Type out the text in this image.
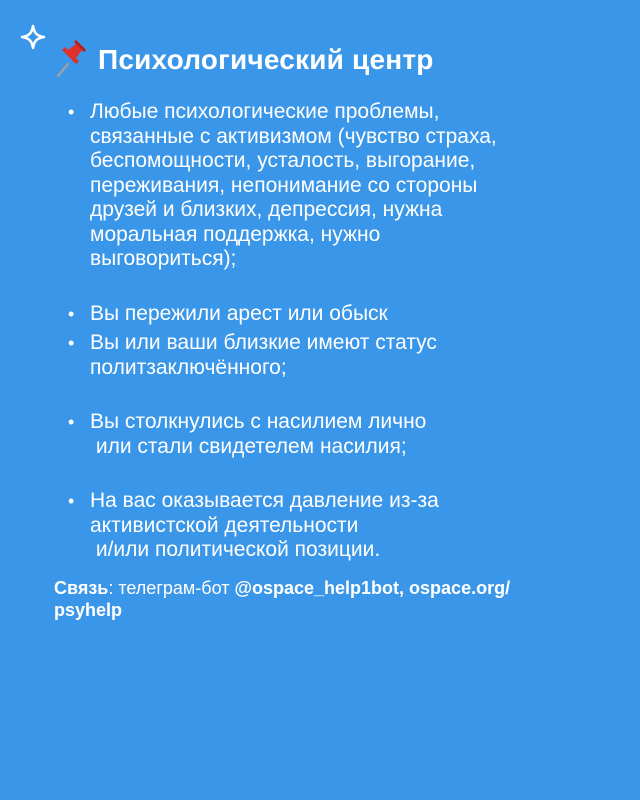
Психологический центр
• Любые психологические проблемы,
связанные с активизмом (чувство страха,
беспомощности, усталость, выгорание,
переживания, непонимание со стороны
друзей и близких, депрессия, нужна
моральная поддержка, нужно
выговориться);
• Вы пережили арест или обыск
• Вы или ваши близкие имеют статус
политзаключённого;
• Вы столкнулись с насилием лично
или стали свидетелем насилия;
• На вас оказывается давление из-за
активистской деятельности
и/или политической позиции.
Связь: телеграм-бот @ospace_help1bot, ospace.org/
psyhelp
